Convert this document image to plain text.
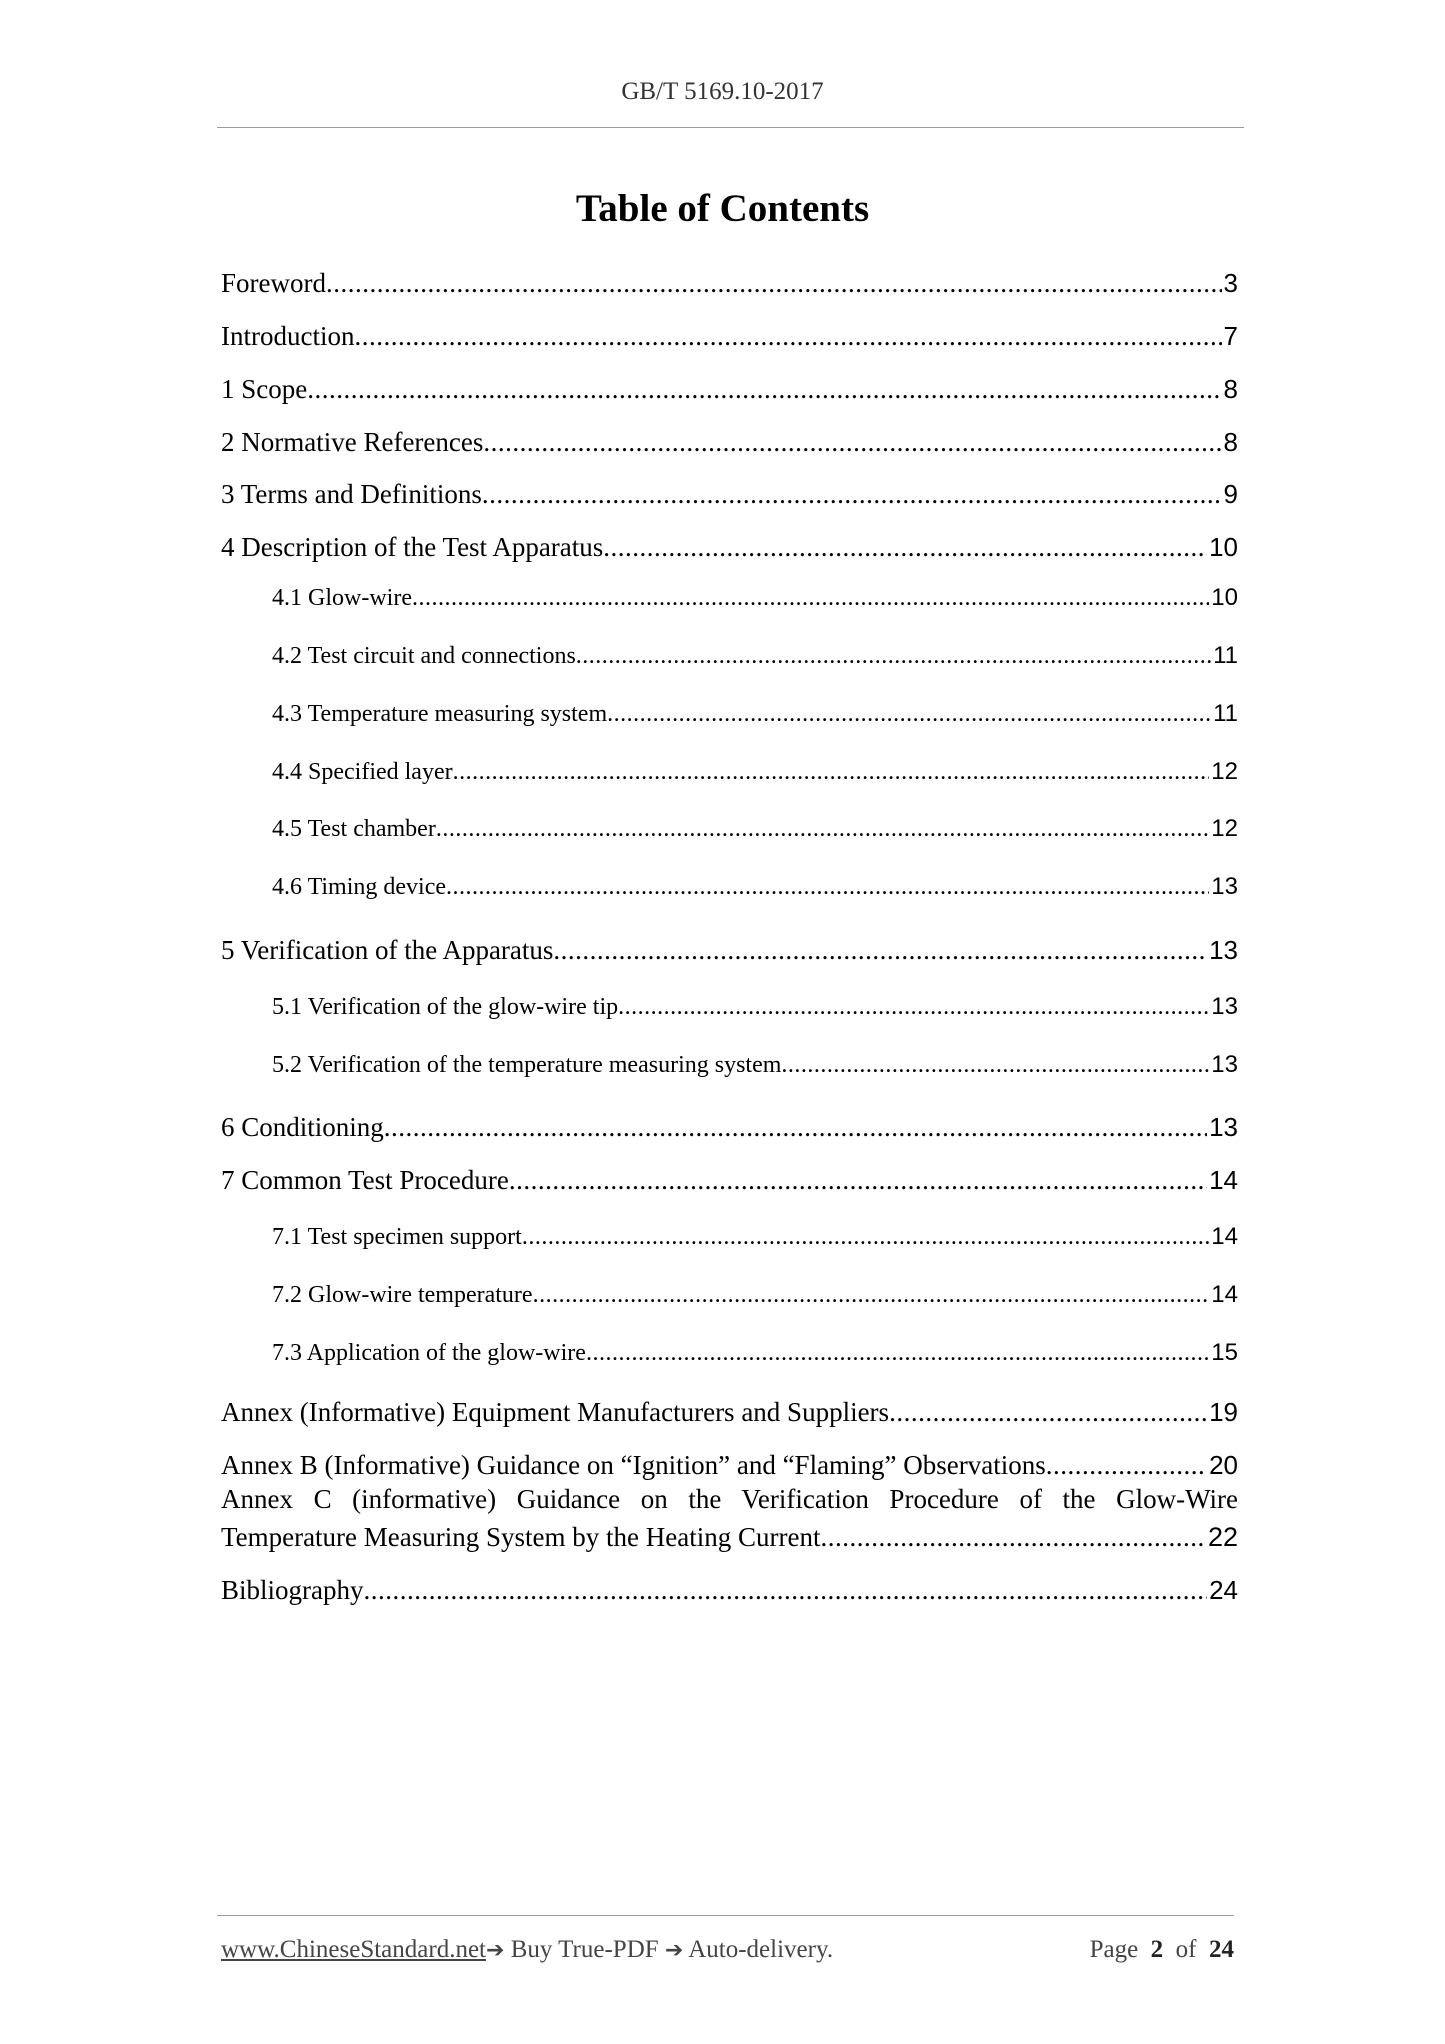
GB/T 5169.10-2017
Table of Contents
Foreword .....	3
Introduction .....	7
1 Scope .....	8
2 Normative References .....	8
3 Terms and Definitions .....	9
4 Description of the Test Apparatus .....	10
4.1 Glow-wire .....	10
4.2 Test circuit and connections .....	11
4.3 Temperature measuring system .....	11
4.4 Specified layer .....	12
4.5 Test chamber .....	12
4.6 Timing device .....	13
5 Verification of the Apparatus .....	13
5.1 Verification of the glow-wire tip .....	13
5.2 Verification of the temperature measuring system .....	13
6 Conditioning .....	13
7 Common Test Procedure .....	14
7.1 Test specimen support .....	14
7.2 Glow-wire temperature .....	14
7.3 Application of the glow-wire .....	15
Annex (Informative) Equipment Manufacturers and Suppliers .....	19
Annex B (Informative) Guidance on “Ignition” and “Flaming” Observations .....	20
Annex C (informative) Guidance on the Verification Procedure of the Glow-Wire
Temperature Measuring System by the Heating Current .....	22
Bibliography .....	24
www.ChineseStandard.net➔ Buy True-PDF ➔ Auto-delivery.	Page 2 of 24
